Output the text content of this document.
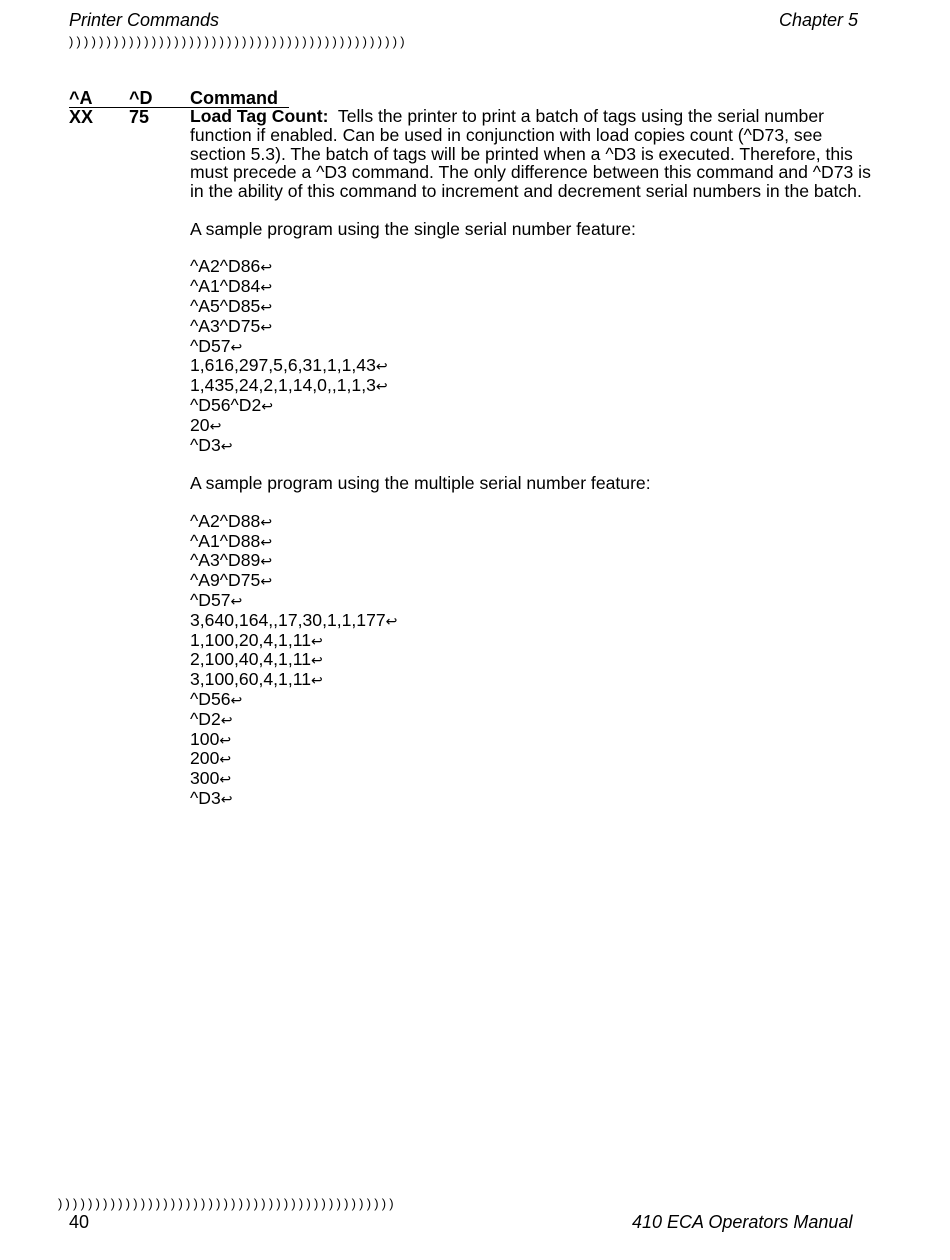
Printer Commands	Chapter 5
)))))))))))))))))))))))))))))))))))))))))))))
^A ^D Command
XX 75 Load Tag Count: Tells the printer to print a batch of tags using the serial number function if enabled. Can be used in conjunction with load copies count (^D73, see section 5.3). The batch of tags will be printed when a ^D3 is executed. Therefore, this must precede a ^D3 command. The only difference between this command and ^D73 is in the ability of this command to increment and decrement serial numbers in the batch.

A sample program using the single serial number feature:

^A2^D86↩
^A1^D84↩
^A5^D85↩
^A3^D75↩
^D57↩
1,616,297,5,6,31,1,1,43↩
1,435,24,2,1,14,0,,1,1,3↩
^D56^D2↩
20↩
^D3↩

A sample program using the multiple serial number feature:

^A2^D88↩
^A1^D88↩
^A3^D89↩
^A9^D75↩
^D57↩
3,640,164,,17,30,1,1,177↩
1,100,20,4,1,11↩
2,100,40,4,1,11↩
3,100,60,4,1,11↩
^D56↩
^D2↩
100↩
200↩
300↩
^D3↩
)))))))))))))))))))))))))))))))))))))))))))))
40	410 ECA Operators Manual
